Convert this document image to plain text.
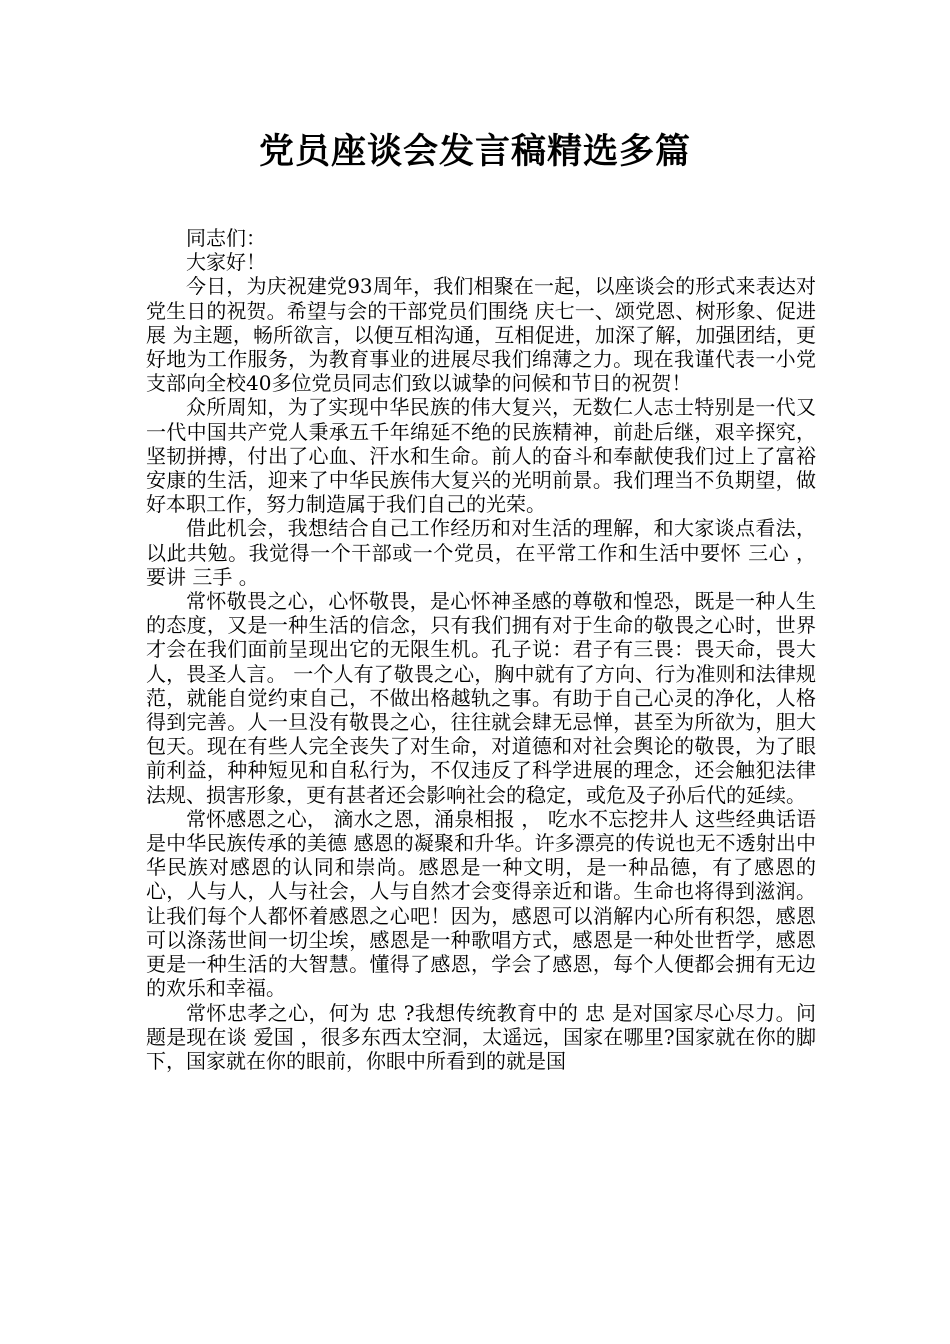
党员座谈会发言稿精选多篇

同志们：

大家好！

今日，为庆祝建党93周年，我们相聚在一起，以座谈会的形式来表达对党生日的祝贺。希望与会的干部党员们围绕 庆七一、颂党恩、树形象、促进展 为主题，畅所欲言，以便互相沟通，互相促进，加深了解，加强团结，更好地为工作服务，为教育事业的进展尽我们绵薄之力。现在我谨代表一小党支部向全校40多位党员同志们致以诚挚的问候和节日的祝贺！

众所周知，为了实现中华民族的伟大复兴，无数仁人志士特别是一代又一代中国共产党人秉承五千年绵延不绝的民族精神，前赴后继，艰辛探究，坚韧拼搏，付出了心血、汗水和生命。前人的奋斗和奉献使我们过上了富裕安康的生活，迎来了中华民族伟大复兴的光明前景。我们理当不负期望，做好本职工作，努力制造属于我们自己的光荣。

借此机会，我想结合自己工作经历和对生活的理解，和大家谈点看法，以此共勉。我觉得一个干部或一个党员，在平常工作和生活中要怀 三心 ，要讲 三手 。

常怀敬畏之心，心怀敬畏，是心怀神圣感的尊敬和惶恐，既是一种人生的态度，又是一种生活的信念，只有我们拥有对于生命的敬畏之心时，世界才会在我们面前呈现出它的无限生机。孔子说：君子有三畏：畏天命，畏大人，畏圣人言。 一个人有了敬畏之心，胸中就有了方向、行为准则和法律规范，就能自觉约束自己，不做出格越轨之事。有助于自己心灵的净化，人格得到完善。人一旦没有敬畏之心，往往就会肆无忌惮，甚至为所欲为，胆大包天。现在有些人完全丧失了对生命，对道德和对社会舆论的敬畏，为了眼前利益，种种短见和自私行为，不仅违反了科学进展的理念，还会触犯法律法规、损害形象，更有甚者还会影响社会的稳定，或危及子孙后代的延续。

常怀感恩之心， 滴水之恩，涌泉相报 ， 吃水不忘挖井人 这些经典话语是中华民族传承的美德 感恩的凝聚和升华。许多漂亮的传说也无不透射出中华民族对感恩的认同和崇尚。感恩是一种文明，是一种品德，有了感恩的心，人与人，人与社会，人与自然才会变得亲近和谐。生命也将得到滋润。让我们每个人都怀着感恩之心吧！因为，感恩可以消解内心所有积怨，感恩可以涤荡世间一切尘埃，感恩是一种歌唱方式，感恩是一种处世哲学，感恩更是一种生活的大智慧。懂得了感恩，学会了感恩，每个人便都会拥有无边的欢乐和幸福。

常怀忠孝之心，何为 忠 ?我想传统教育中的 忠 是对国家尽心尽力。问题是现在谈 爱国 ，很多东西太空洞，太遥远，国家在哪里?国家就在你的脚下，国家就在你的眼前，你眼中所看到的就是国
